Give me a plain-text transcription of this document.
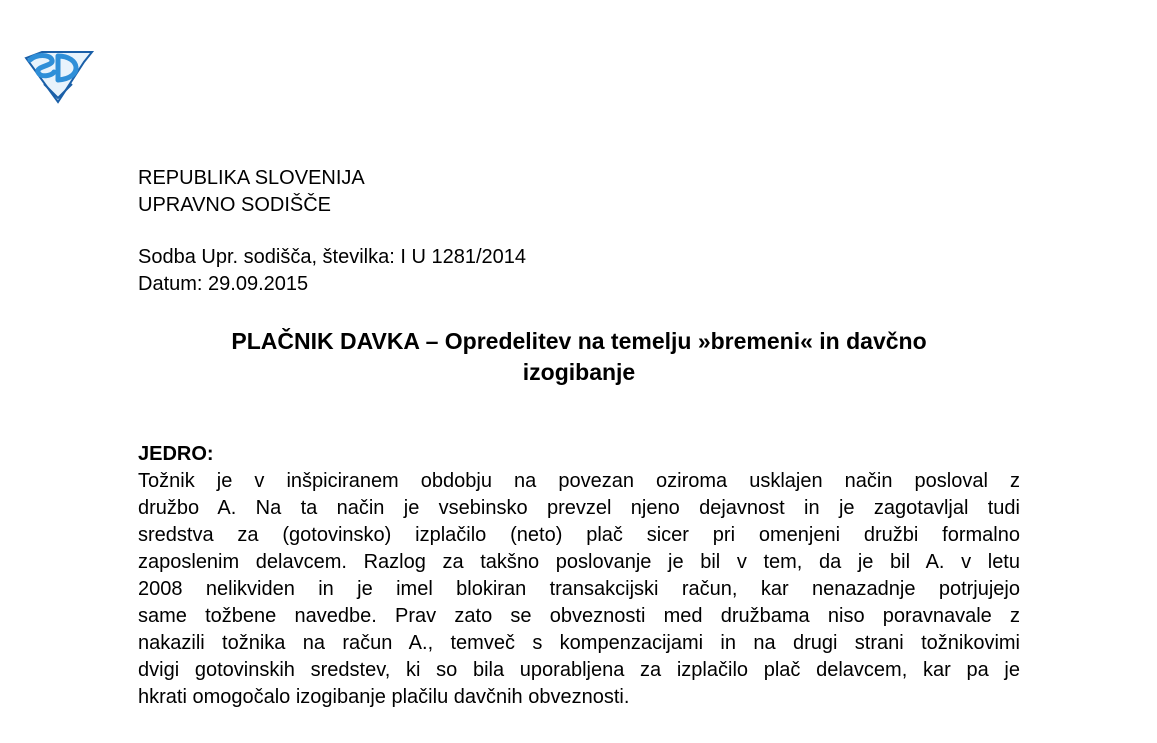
REPUBLIKA SLOVENIJA
UPRAVNO SODIŠČE
Sodba Upr. sodišča, številka: I U 1281/2014
Datum: 29.09.2015
PLAČNIK DAVKA – Opredelitev na temelju »bremeni« in davčno
izogibanje
JEDRO:
Tožnik je v inšpiciranem obdobju na povezan oziroma usklajen način posloval z
družbo A. Na ta način je vsebinsko prevzel njeno dejavnost in je zagotavljal tudi
sredstva za (gotovinsko) izplačilo (neto) plač sicer pri omenjeni družbi formalno
zaposlenim delavcem. Razlog za takšno poslovanje je bil v tem, da je bil A. v letu
2008 nelikviden in je imel blokiran transakcijski račun, kar nenazadnje potrjujejo
same tožbene navedbe. Prav zato se obveznosti med družbama niso poravnavale z
nakazili tožnika na račun A., temveč s kompenzacijami in na drugi strani tožnikovimi
dvigi gotovinskih sredstev, ki so bila uporabljena za izplačilo plač delavcem, kar pa je
hkrati omogočalo izogibanje plačilu davčnih obveznosti.
